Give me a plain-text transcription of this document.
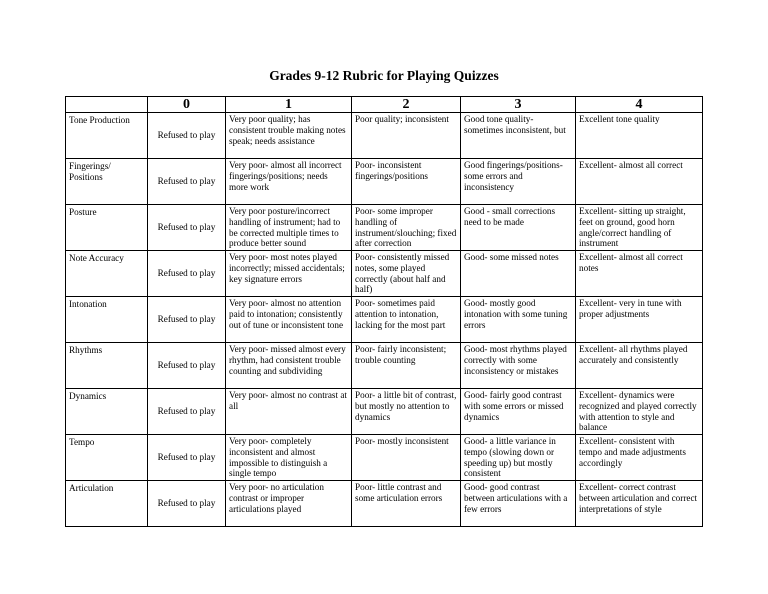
Grades 9-12 Rubric for Playing Quizzes
	0	1	2	3	4

Tone Production	Refused to play	Very poor quality; has consistent trouble making notes speak; needs assistance	Poor quality; inconsistent	Good tone quality-sometimes inconsistent, but	Excellent tone quality

Fingerings/ Positions	Refused to play	Very poor- almost all incorrect fingerings/positions; needs more work	Poor- inconsistent fingerings/positions	Good fingerings/positions- some errors and inconsistency	Excellent- almost all correct

Posture	Refused to play	Very poor posture/incorrect handling of instrument; had to be corrected multiple times to produce better sound	Poor- some improper handling of instrument/slouching; fixed after correction	Good - small corrections need to be made	Excellent- sitting up straight, feet on ground, good horn angle/correct handling of instrument

Note Accuracy	Refused to play	Very poor- most notes played incorrectly; missed accidentals; key signature errors	Poor- consistently missed notes, some played correctly (about half and half)	Good- some missed notes	Excellent- almost all correct notes

Intonation	Refused to play	Very poor- almost no attention paid to intonation; consistently out of tune or inconsistent tone	Poor- sometimes paid attention to intonation, lacking for the most part	Good- mostly good intonation with some tuning errors	Excellent- very in tune with proper adjustments

Rhythms	Refused to play	Very poor- missed almost every rhythm, had consistent trouble counting and subdividing	Poor- fairly inconsistent; trouble counting	Good- most rhythms played correctly with some inconsistency or mistakes	Excellent- all rhythms played accurately and consistently

Dynamics	Refused to play	Very poor- almost no contrast at all	Poor- a little bit of contrast, but mostly no attention to dynamics	Good- fairly good contrast with some errors or missed dynamics	Excellent- dynamics were recognized and played correctly with attention to style and balance

Tempo	Refused to play	Very poor- completely inconsistent and almost impossible to distinguish a single tempo	Poor- mostly inconsistent	Good- a little variance in tempo (slowing down or speeding up) but mostly consistent	Excellent- consistent with tempo and made adjustments accordingly

Articulation	Refused to play	Very poor- no articulation contrast or improper articulations played	Poor- little contrast and some articulation errors	Good- good contrast between articulations with a few errors	Excellent- correct contrast between articulation and correct interpretations of style
